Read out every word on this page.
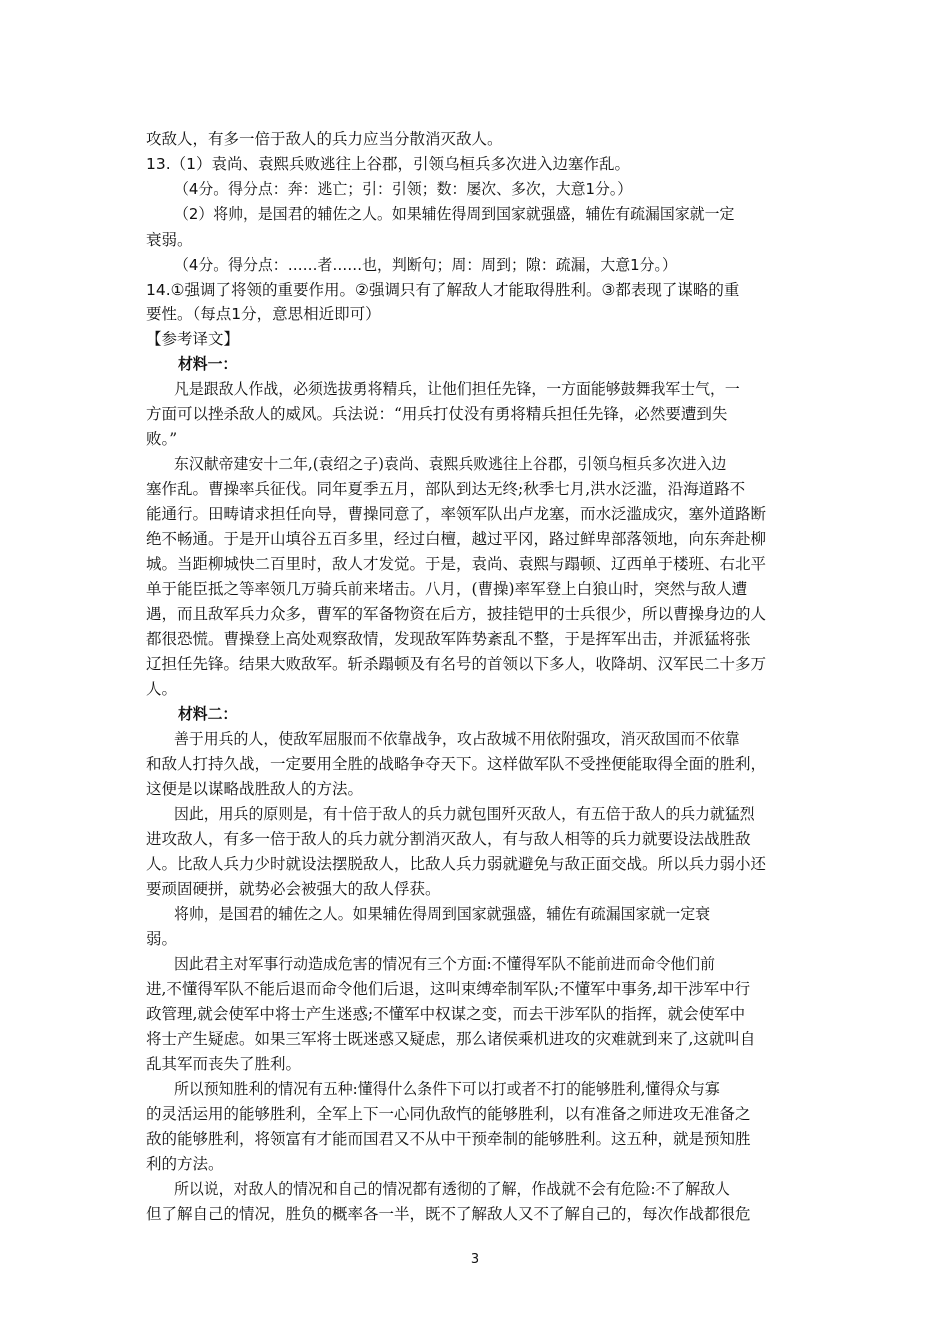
攻敌人，有多一倍于敌人的兵力应当分散消灭敌人。

13.（1）袁尚、袁熙兵败逃往上谷郡，引领乌桓兵多次进入边塞作乱。

（4分。得分点：奔：逃亡；引：引领；数：屡次、多次，大意1分。）

（2）将帅，是国君的辅佐之人。如果辅佐得周到国家就强盛，辅佐有疏漏国家就一定

衰弱。

（4分。得分点：……者……也，判断句；周：周到；隙：疏漏，大意1分。）

14.①强调了将领的重要作用。②强调只有了解敌人才能取得胜利。③都表现了谋略的重

要性。（每点1分，意思相近即可）

【参考译文】

材料一：

凡是跟敌人作战，必须选拔勇将精兵，让他们担任先锋，一方面能够鼓舞我军士气，一

方面可以挫杀敌人的威风。兵法说：“用兵打仗没有勇将精兵担任先锋，必然要遭到失

败。”

东汉献帝建安十二年,(袁绍之子)袁尚、袁熙兵败逃往上谷郡，引领乌桓兵多次进入边

塞作乱。曹操率兵征伐。同年夏季五月，部队到达无终;秋季七月,洪水泛滥，沿海道路不

能通行。田畴请求担任向导，曹操同意了，率领军队出卢龙塞，而水泛滥成灾，塞外道路断

绝不畅通。于是开山填谷五百多里，经过白檀，越过平冈，路过鲜卑部落领地，向东奔赴柳

城。当距柳城快二百里时，敌人才发觉。于是，袁尚、袁熙与蹋顿、辽西单于楼班、右北平

单于能臣抵之等率领几万骑兵前来堵击。八月，(曹操)率军登上白狼山时，突然与敌人遭

遇，而且敌军兵力众多，曹军的军备物资在后方，披挂铠甲的士兵很少，所以曹操身边的人

都很恐慌。曹操登上高处观察敌情，发现敌军阵势紊乱不整，于是挥军出击，并派猛将张

辽担任先锋。结果大败敌军。斩杀蹋顿及有名号的首领以下多人，收降胡、汉军民二十多万

人。

材料二：

善于用兵的人，使敌军屈服而不依靠战争，攻占敌城不用依附强攻，消灭敌国而不依靠

和敌人打持久战，一定要用全胜的战略争夺天下。这样做军队不受挫便能取得全面的胜利，

这便是以谋略战胜敌人的方法。

因此，用兵的原则是，有十倍于敌人的兵力就包围歼灭敌人，有五倍于敌人的兵力就猛烈

进攻敌人，有多一倍于敌人的兵力就分割消灭敌人，有与敌人相等的兵力就要设法战胜敌

人。比敌人兵力少时就设法摆脱敌人，比敌人兵力弱就避免与敌正面交战。所以兵力弱小还

要顽固硬拼，就势必会被强大的敌人俘获。

将帅，是国君的辅佐之人。如果辅佐得周到国家就强盛，辅佐有疏漏国家就一定衰

弱。

因此君主对军事行动造成危害的情况有三个方面:不懂得军队不能前进而命令他们前

进,不懂得军队不能后退而命令他们后退，这叫束缚牵制军队;不懂军中事务,却干涉军中行

政管理,就会使军中将士产生迷惑;不懂军中权谋之变，而去干涉军队的指挥，就会使军中

将士产生疑虑。如果三军将士既迷惑又疑虑，那么诸侯乘机进攻的灾难就到来了,这就叫自

乱其军而丧失了胜利。

所以预知胜利的情况有五种:懂得什么条件下可以打或者不打的能够胜利,懂得众与寡

的灵活运用的能够胜利，全军上下一心同仇敌忾的能够胜利，以有准备之师进攻无准备之

敌的能够胜利，将领富有才能而国君又不从中干预牵制的能够胜利。这五种，就是预知胜

利的方法。

所以说，对敌人的情况和自己的情况都有透彻的了解，作战就不会有危险:不了解敌人

但了解自己的情况，胜负的概率各一半，既不了解敌人又不了解自己的，每次作战都很危

3
